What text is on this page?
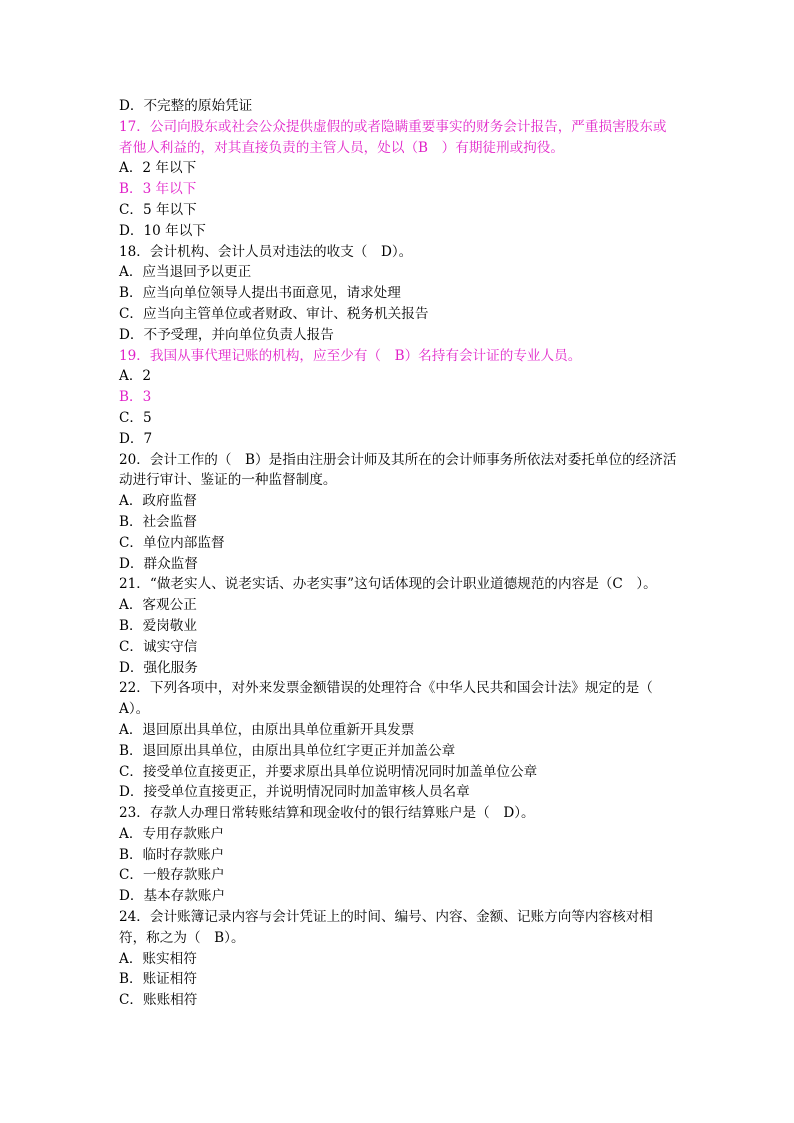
D．不完整的原始凭证
17．公司向股东或社会公众提供虚假的或者隐瞒重要事实的财务会计报告，严重损害股东或者他人利益的，对其直接负责的主管人员，处以（B　）有期徒刑或拘役。
A．2 年以下
B．3 年以下
C．5 年以下
D．10 年以下
18．会计机构、会计人员对违法的收支（　D）。
A．应当退回予以更正
B．应当向单位领导人提出书面意见，请求处理
C．应当向主管单位或者财政、审计、税务机关报告
D．不予受理，并向单位负责人报告
19．我国从事代理记账的机构，应至少有（　B）名持有会计证的专业人员。
A．2
B．3
C．5
D．7
20．会计工作的（　B）是指由注册会计师及其所在的会计师事务所依法对委托单位的经济活动进行审计、鉴证的一种监督制度。
A．政府监督
B．社会监督
C．单位内部监督
D．群众监督
21．“做老实人、说老实话、办老实事”这句话体现的会计职业道德规范的内容是（C　）。
A．客观公正
B．爱岗敬业
C．诚实守信
D．强化服务
22．下列各项中，对外来发票金额错误的处理符合《中华人民共和国会计法》规定的是（　A）。
A．退回原出具单位，由原出具单位重新开具发票
B．退回原出具单位，由原出具单位红字更正并加盖公章
C．接受单位直接更正，并要求原出具单位说明情况同时加盖单位公章
D．接受单位直接更正，并说明情况同时加盖审核人员名章
23．存款人办理日常转账结算和现金收付的银行结算账户是（　D）。
A．专用存款账户
B．临时存款账户
C．一般存款账户
D．基本存款账户
24．会计账簿记录内容与会计凭证上的时间、编号、内容、金额、记账方向等内容核对相符，称之为（　B）。
A．账实相符
B．账证相符
C．账账相符
